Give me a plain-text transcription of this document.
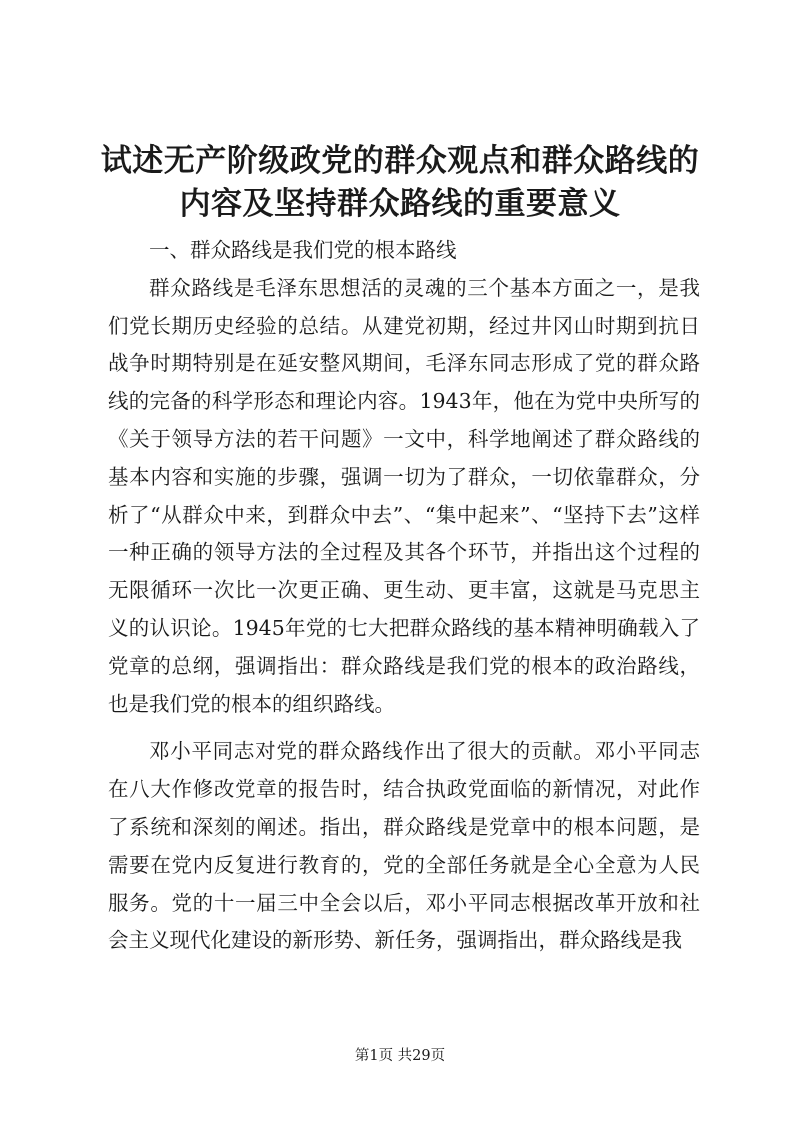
试述无产阶级政党的群众观点和群众路线的内容及坚持群众路线的重要意义

一、群众路线是我们党的根本路线

群众路线是毛泽东思想活的灵魂的三个基本方面之一，是我们党长期历史经验的总结。从建党初期，经过井冈山时期到抗日战争时期特别是在延安整风期间，毛泽东同志形成了党的群众路线的完备的科学形态和理论内容。1943年，他在为党中央所写的《关于领导方法的若干问题》一文中，科学地阐述了群众路线的基本内容和实施的步骤，强调一切为了群众，一切依靠群众，分析了“从群众中来，到群众中去”、“集中起来”、“坚持下去”这样一种正确的领导方法的全过程及其各个环节，并指出这个过程的无限循环一次比一次更正确、更生动、更丰富，这就是马克思主义的认识论。1945年党的七大把群众路线的基本精神明确载入了党章的总纲，强调指出：群众路线是我们党的根本的政治路线，也是我们党的根本的组织路线。

邓小平同志对党的群众路线作出了很大的贡献。邓小平同志在八大作修改党章的报告时，结合执政党面临的新情况，对此作了系统和深刻的阐述。指出，群众路线是党章中的根本问题，是需要在党内反复进行教育的，党的全部任务就是全心全意为人民服务。党的十一届三中全会以后，邓小平同志根据改革开放和社会主义现代化建设的新形势、新任务，强调指出，群众路线是我

第1页 共29页
